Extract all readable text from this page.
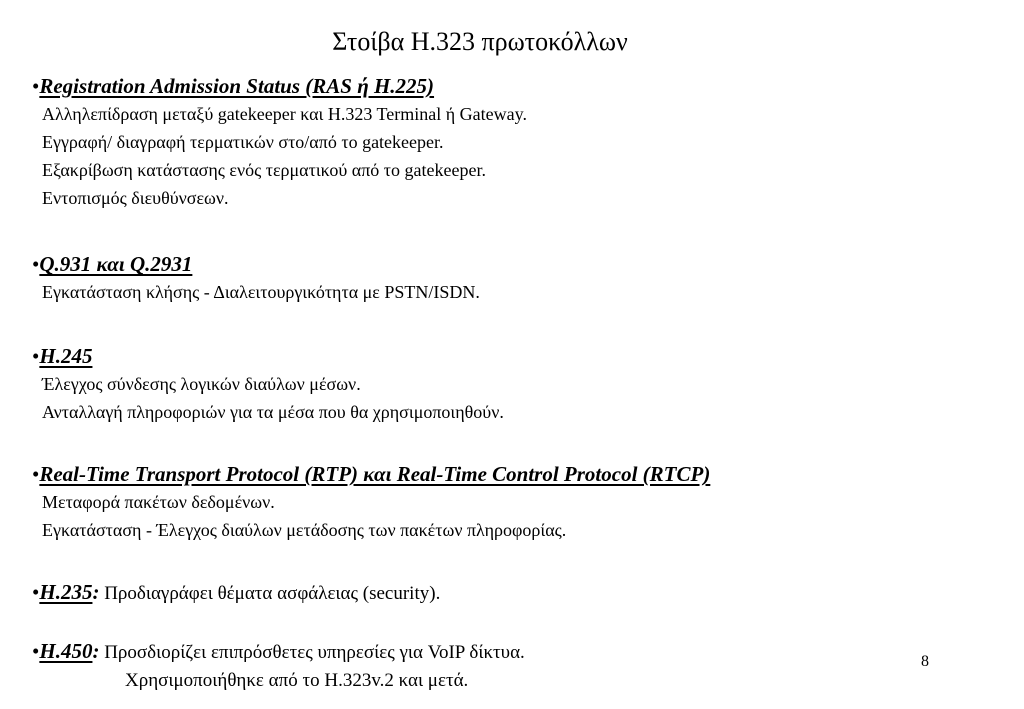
Στοίβα H.323 πρωτοκόλλων
•Registration Admission Status (RAS ή H.225)
Αλληλεπίδραση μεταξύ gatekeeper και H.323 Terminal ή Gateway.
Εγγραφή/ διαγραφή τερματικών στο/από το gatekeeper.
Εξακρίβωση κατάστασης ενός τερματικού από το gatekeeper.
Εντοπισμός διευθύνσεων.
•Q.931 και Q.2931
Εγκατάσταση κλήσης - Διαλειτουργικότητα με PSTN/ISDN.
•H.245
Έλεγχος σύνδεσης λογικών διαύλων μέσων.
Ανταλλαγή πληροφοριών για τα μέσα που θα χρησιμοποιηθούν.
•Real-Time Transport Protocol (RTP) και Real-Time Control Protocol (RTCP)
Μεταφορά πακέτων δεδομένων.
Εγκατάσταση - Έλεγχος διαύλων μετάδοσης των πακέτων πληροφορίας.
•H.235: Προδιαγράφει θέματα ασφάλειας (security).
•H.450: Προσδιορίζει επιπρόσθετες υπηρεσίες για VoIP δίκτυα.
Χρησιμοποιήθηκε από το H.323v.2 και μετά.
8
